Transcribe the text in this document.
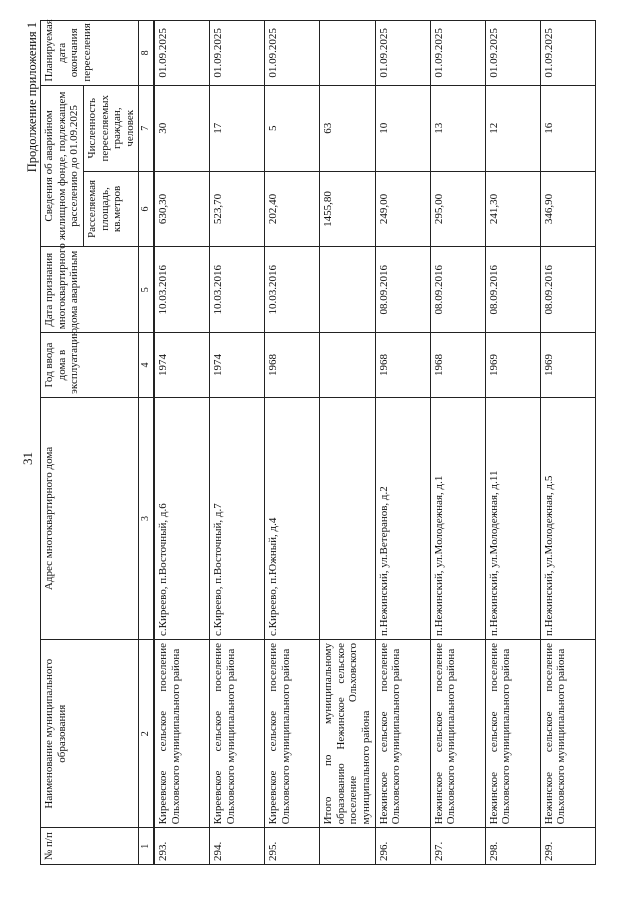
31
Продолжение приложения 1
№ п/п	Наименование муниципального образования	Адрес многоквартирного дома	Год ввода дома в эксплуатацию	Дата признания многоквартирного дома аварийным	Сведения об аварийном жилищном фонде, подлежащем расселению до 01.09.2025		Планируемая дата окончания переселения
					Расселяемая площадь, кв.метров	Численность переселяемых граждан, человек	
1	2	3	4	5	6	7	8
293.	Киреевское сельское поселение Ольховского муниципального района	с.Киреево, п.Восточный, д.6	1974	10.03.2016	630,30	30	01.09.2025
294.	Киреевское сельское поселение Ольховского муниципального района	с.Киреево, п.Восточный, д.7	1974	10.03.2016	523,70	17	01.09.2025
295.	Киреевское сельское поселение Ольховского муниципального района	с.Киреево, п.Южный, д.4	1968	10.03.2016	202,40	5	01.09.2025
	Итого по муниципальному образованию Нежинское сельское поселение Ольховского муниципального района				1455,80	63	
296.	Нежинское сельское поселение Ольховского муниципального района	п.Нежинский, ул.Ветеранов, д.2	1968	08.09.2016	249,00	10	01.09.2025
297.	Нежинское сельское поселение Ольховского муниципального района	п.Нежинский, ул.Молодежная, д.1	1968	08.09.2016	295,00	13	01.09.2025
298.	Нежинское сельское поселение Ольховского муниципального района	п.Нежинский, ул.Молодежная, д.11	1969	08.09.2016	241,30	12	01.09.2025
299.	Нежинское сельское поселение Ольховского муниципального района	п.Нежинский, ул.Молодежная, д.5	1969	08.09.2016	346,90	16	01.09.2025
